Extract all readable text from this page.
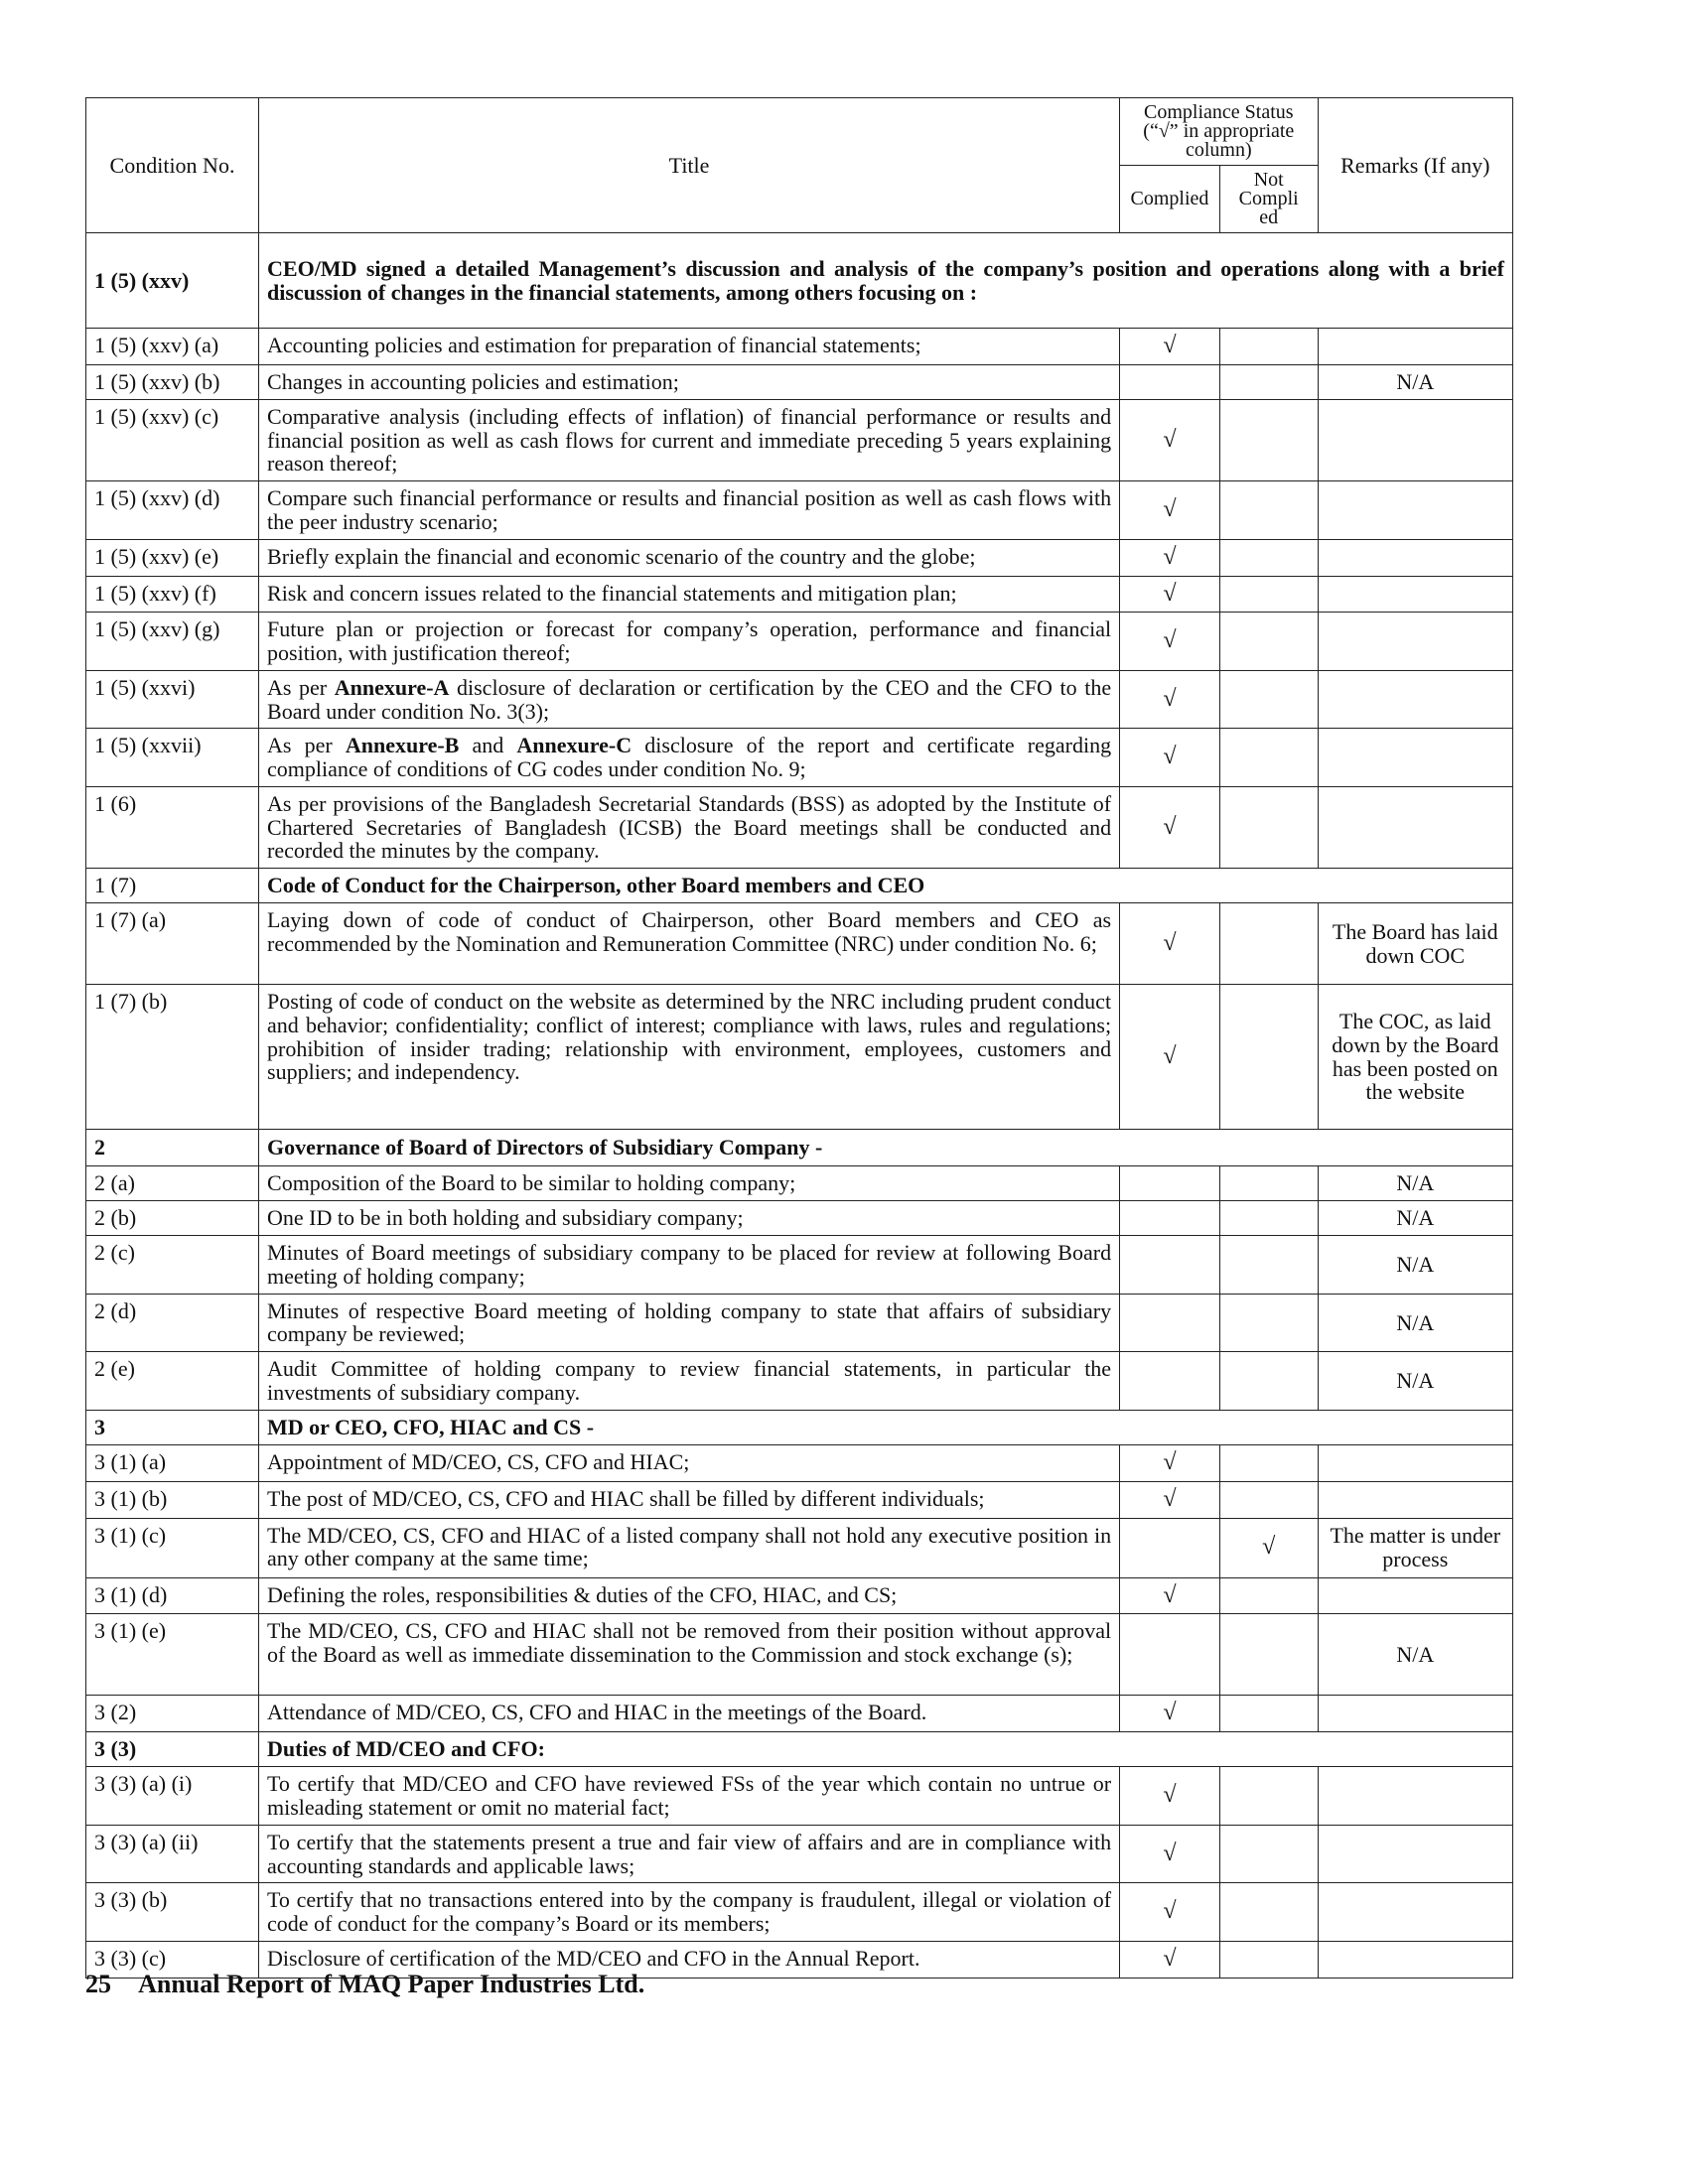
Condition No.	Title	Compliance Status (“√” in appropriate column)		Remarks (If any)
		Complied	Not Compli ed	
1 (5) (xxv)	CEO/MD signed a detailed Management’s discussion and analysis of the company’s position and operations along with a brief discussion of changes in the financial statements, among others focusing on :			
1 (5) (xxv) (a)	Accounting policies and estimation for preparation of financial statements;	√		
1 (5) (xxv) (b)	Changes in accounting policies and estimation;			N/A
1 (5) (xxv) (c)	Comparative analysis (including effects of inflation) of financial performance or results and financial position as well as cash flows for current and immediate preceding 5 years explaining reason thereof;	√		
1 (5) (xxv) (d)	Compare such financial performance or results and financial position as well as cash flows with the peer industry scenario;	√		
1 (5) (xxv) (e)	Briefly explain the financial and economic scenario of the country and the globe;	√		
1 (5) (xxv) (f)	Risk and concern issues related to the financial statements and mitigation plan;	√		
1 (5) (xxv) (g)	Future plan or projection or forecast for company’s operation, performance and financial position, with justification thereof;	√		
1 (5) (xxvi)	As per Annexure-A disclosure of declaration or certification by the CEO and the CFO to the Board under condition No. 3(3);	√		
1 (5) (xxvii)	As per Annexure-B and Annexure-C disclosure of the report and certificate regarding compliance of conditions of CG codes under condition No. 9;	√		
1 (6)	As per provisions of the Bangladesh Secretarial Standards (BSS) as adopted by the Institute of Chartered Secretaries of Bangladesh (ICSB) the Board meetings shall be conducted and recorded the minutes by the company.	√		
1 (7)	Code of Conduct for the Chairperson, other Board members and CEO			
1 (7) (a)	Laying down of code of conduct of Chairperson, other Board members and CEO as recommended by the Nomination and Remuneration Committee (NRC) under condition No. 6;	√		The Board has laid down COC
1 (7) (b)	Posting of code of conduct on the website as determined by the NRC including prudent conduct and behavior; confidentiality; conflict of interest; compliance with laws, rules and regulations; prohibition of insider trading; relationship with environment, employees, customers and suppliers; and independency.	√		The COC, as laid down by the Board has been posted on the website
2	Governance of Board of Directors of Subsidiary Company -			
2 (a)	Composition of the Board to be similar to holding company;			N/A
2 (b)	One ID to be in both holding and subsidiary company;			N/A
2 (c)	Minutes of Board meetings of subsidiary company to be placed for review at following Board meeting of holding company;			N/A
2 (d)	Minutes of respective Board meeting of holding company to state that affairs of subsidiary company be reviewed;			N/A
2 (e)	Audit Committee of holding company to review financial statements, in particular the investments of subsidiary company.			N/A
3	MD or CEO, CFO, HIAC and CS -			
3 (1) (a)	Appointment of MD/CEO, CS, CFO and HIAC;	√		
3 (1) (b)	The post of MD/CEO, CS, CFO and HIAC shall be filled by different individuals;	√		
3 (1) (c)	The MD/CEO, CS, CFO and HIAC of a listed company shall not hold any executive position in any other company at the same time;		√	The matter is under process
3 (1) (d)	Defining the roles, responsibilities & duties of the CFO, HIAC, and CS;	√		
3 (1) (e)	The MD/CEO, CS, CFO and HIAC shall not be removed from their position without approval of the Board as well as immediate dissemination to the Commission and stock exchange (s);			N/A
3 (2)	Attendance of MD/CEO, CS, CFO and HIAC in the meetings of the Board.	√		
3 (3)	Duties of MD/CEO and CFO:			
3 (3) (a) (i)	To certify that MD/CEO and CFO have reviewed FSs of the year which contain no untrue or misleading statement or omit no material fact;	√		
3 (3) (a) (ii)	To certify that the statements present a true and fair view of affairs and are in compliance with accounting standards and applicable laws;	√		
3 (3) (b)	To certify that no transactions entered into by the company is fraudulent, illegal or violation of code of conduct for the company’s Board or its members;	√		
3 (3) (c)	Disclosure of certification of the MD/CEO and CFO in the Annual Report.	√		
25 Annual Report of MAQ Paper Industries Ltd.
